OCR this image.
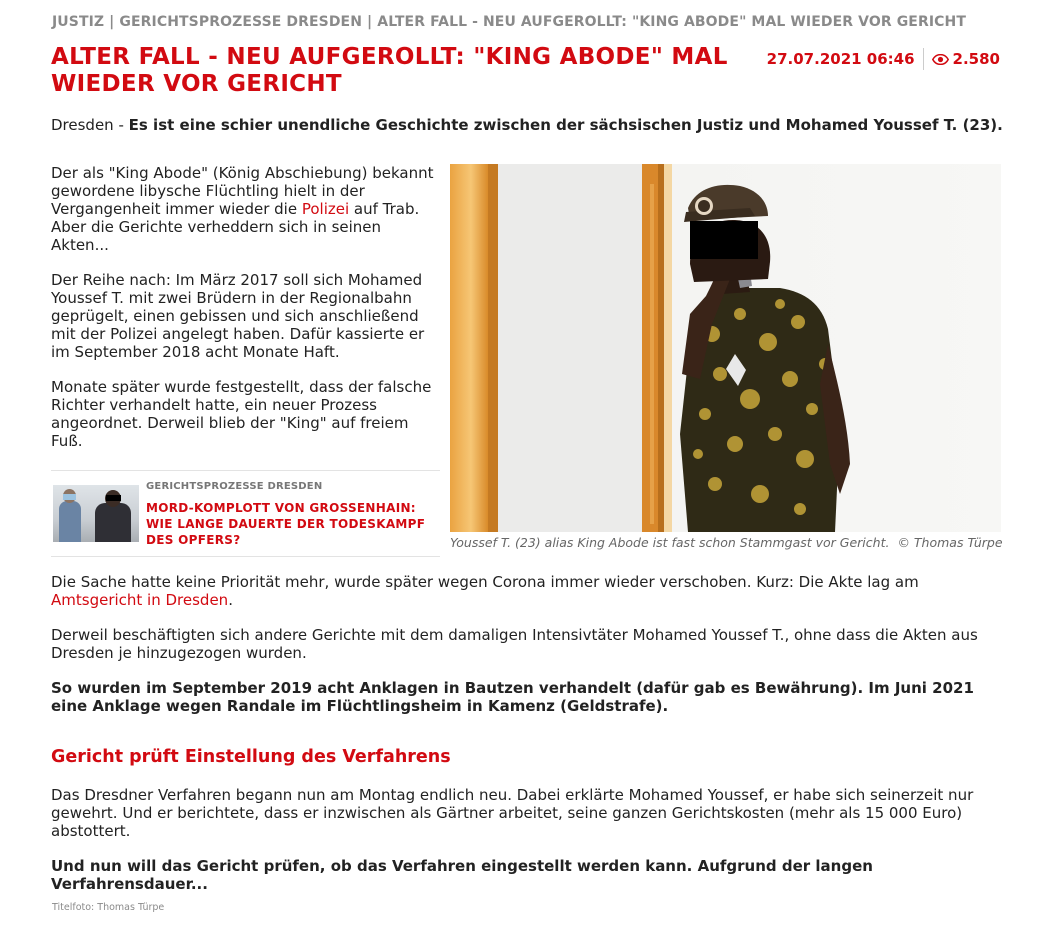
JUSTIZ | GERICHTSPROZESSE DRESDEN | ALTER FALL - NEU AUFGEROLLT: "KING ABODE" MAL WIEDER VOR GERICHT
ALTER FALL - NEU AUFGEROLLT: "KING ABODE" MAL WIEDER VOR GERICHT
27.07.2021 06:46	2.580

Dresden - Es ist eine schier unendliche Geschichte zwischen der sächsischen Justiz und Mohamed Youssef T. (23).

Der als "King Abode" (König Abschiebung) bekannt gewordene libysche Flüchtling hielt in der Vergangenheit immer wieder die Polizei auf Trab. Aber die Gerichte verheddern sich in seinen Akten...

Der Reihe nach: Im März 2017 soll sich Mohamed Youssef T. mit zwei Brüdern in der Regionalbahn geprügelt, einen gebissen und sich anschließend mit der Polizei angelegt haben. Dafür kassierte er im September 2018 acht Monate Haft.

Monate später wurde festgestellt, dass der falsche Richter verhandelt hatte, ein neuer Prozess angeordnet. Derweil blieb der "King" auf freiem Fuß.

GERICHTSPROZESSE DRESDEN
MORD-KOMPLOTT VON GROSSENHAIN: WIE LANGE DAUERTE DER TODESKAMPF DES OPFERS?	Youssef T. (23) alias King Abode ist fast schon Stammgast vor Gericht. © Thomas Türpe

Die Sache hatte keine Priorität mehr, wurde später wegen Corona immer wieder verschoben. Kurz: Die Akte lag am Amtsgericht in Dresden.

Derweil beschäftigten sich andere Gerichte mit dem damaligen Intensivtäter Mohamed Youssef T., ohne dass die Akten aus Dresden je hinzugezogen wurden.

So wurden im September 2019 acht Anklagen in Bautzen verhandelt (dafür gab es Bewährung). Im Juni 2021 eine Anklage wegen Randale im Flüchtlingsheim in Kamenz (Geldstrafe).

Gericht prüft Einstellung des Verfahrens

Das Dresdner Verfahren begann nun am Montag endlich neu. Dabei erklärte Mohamed Youssef, er habe sich seinerzeit nur gewehrt. Und er berichtete, dass er inzwischen als Gärtner arbeitet, seine ganzen Gerichtskosten (mehr als 15 000 Euro) abstottert.

Und nun will das Gericht prüfen, ob das Verfahren eingestellt werden kann. Aufgrund der langen Verfahrensdauer...

Titelfoto: Thomas Türpe
